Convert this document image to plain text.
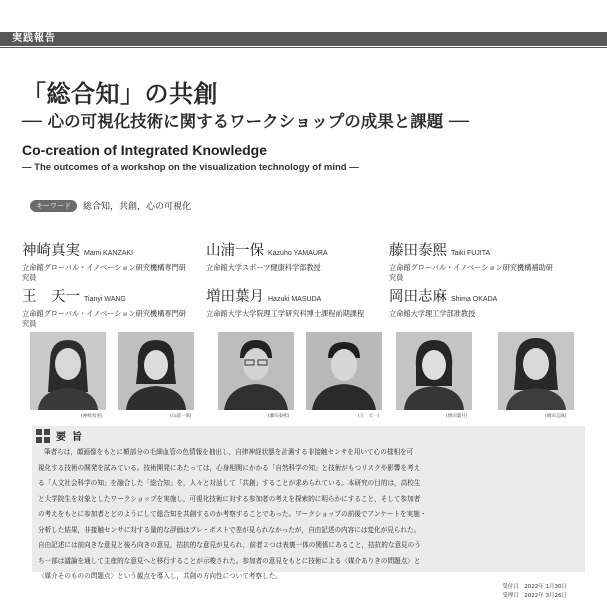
実践報告
「総合知」の共創
── 心の可視化技術に関するワークショップの成果と課題 ──
Co-creation of Integrated Knowledge
― The outcomes of a workshop on the visualization technology of mind ―
キーワード	総合知，共創，心の可視化
神崎真実 Mami KANZAKI
立命館グローバル・イノベーション研究機構専門研究員
山浦一保 Kazuho YAMAURA
立命館大学スポーツ健康科学部教授
藤田泰熙 Taiki FUJITA
立命館グローバル・イノベーション研究機構補助研究員
王　天一 Tianyi WANG
立命館グローバル・イノベーション研究機構専門研究員
増田葉月 Hazuki MASUDA
立命館大学大学院理工学研究科博士課程前期課程
岡田志麻 Shima OKADA
立命館大学理工学部准教授
(神崎真実)	(山浦一保)	(藤田泰熙)	(王　天一)	(増田葉月)	(岡田志麻)
要旨
筆者らは，顔画像をもとに額部分の毛細血管の色情報を抽出し，自律神経状態を計測する非接触センサを用いて心の様相を可
視化する技術の開発を試みている。技術開発にあたっては，心身相関にかかる「自然科学の知」と技術がもつリスクや影響を考え
る「人文社会科学の知」を融合した「総合知」を，人々と対話して「共創」することが求められている。本研究の目的は，高校生
と大学院生を対象としたワークショップを実施し，可視化技術に対する参加者の考えを探索的に明らかにすること，そして参加者
の考えをもとに参加者とどのようにして総合知を共創するのか考察することであった。ワークショップの前後でアンケートを実施・
分析した結果，非接触センサに対する量的な評価はプレ・ポストで差が見られなかったが，自由記述の内容には変化が見られた。
自由記述には前向きな意見と後ろ向きの意見，拮抗的な意見が見られ，前者２つは表裏一体の関係にあること，拮抗的な意見のう
ち一部は議論を通して主産的な意見へと移行することが示唆された。参加者の意見をもとに技術による〈媒介ありきの問題点〉と
〈媒介そのものの問題点〉という観点を導入し，共創の方向性について考察した。
受付日　2022年 1月30日
受理日　2022年 3月26日
